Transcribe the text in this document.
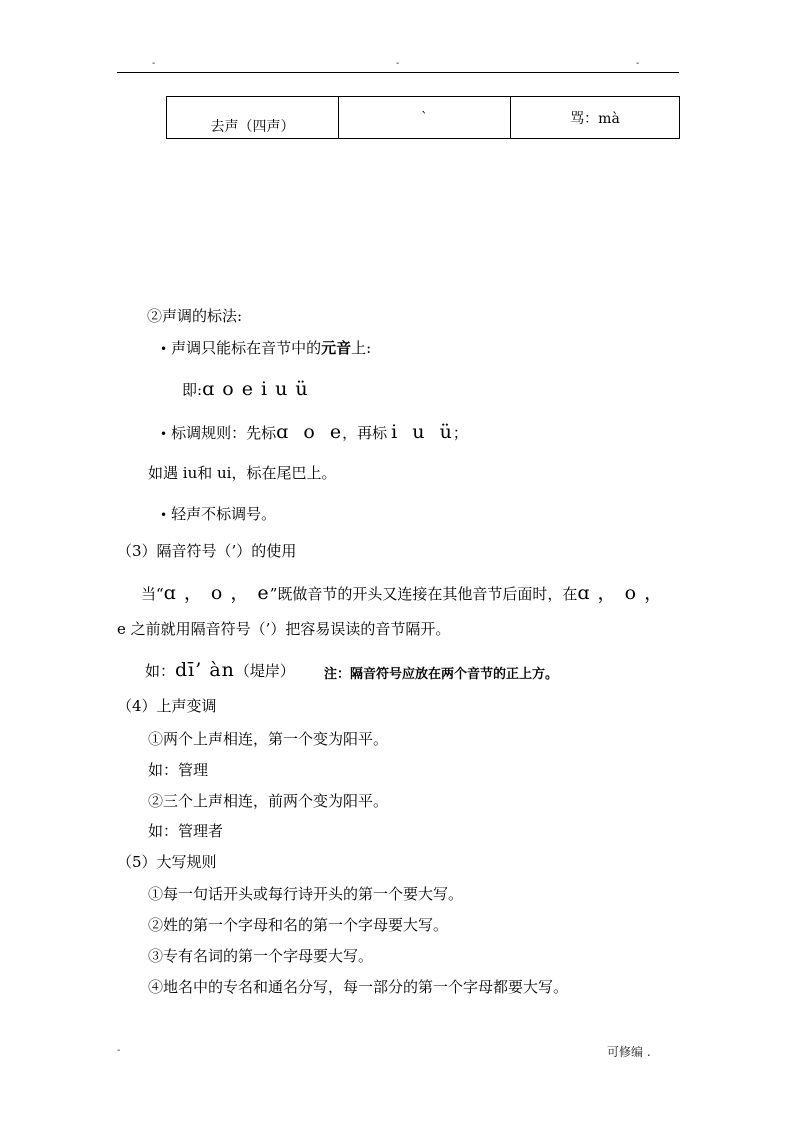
-	-	-
去声（四声）	ˋ	骂：mà
②声调的标法:
• 声调只能标在音节中的元音上:
即:ɑ o e i u ü
• 标调规则：先标ɑ  o  e，再标 i  u  ü；
如遇 iu和 ui，标在尾巴上。
• 轻声不标调号。
（3）隔音符号（’）的使用
当“ɑ ， o ， e”既做音节的开头又连接在其他音节后面时，在ɑ ， o ，
e 之前就用隔音符号（’）把容易误读的音节隔开。
如：dī’ àn（堤岸） 注：隔音符号应放在两个音节的正上方。
（4）上声变调
①两个上声相连，第一个变为阳平。
如：管理
②三个上声相连，前两个变为阳平。
如：管理者
（5）大写规则
①每一句话开头或每行诗开头的第一个要大写。
②姓的第一个字母和名的第一个字母要大写。
③专有名词的第一个字母要大写。
④地名中的专名和通名分写，每一部分的第一个字母都要大写。
-	可修编 .
